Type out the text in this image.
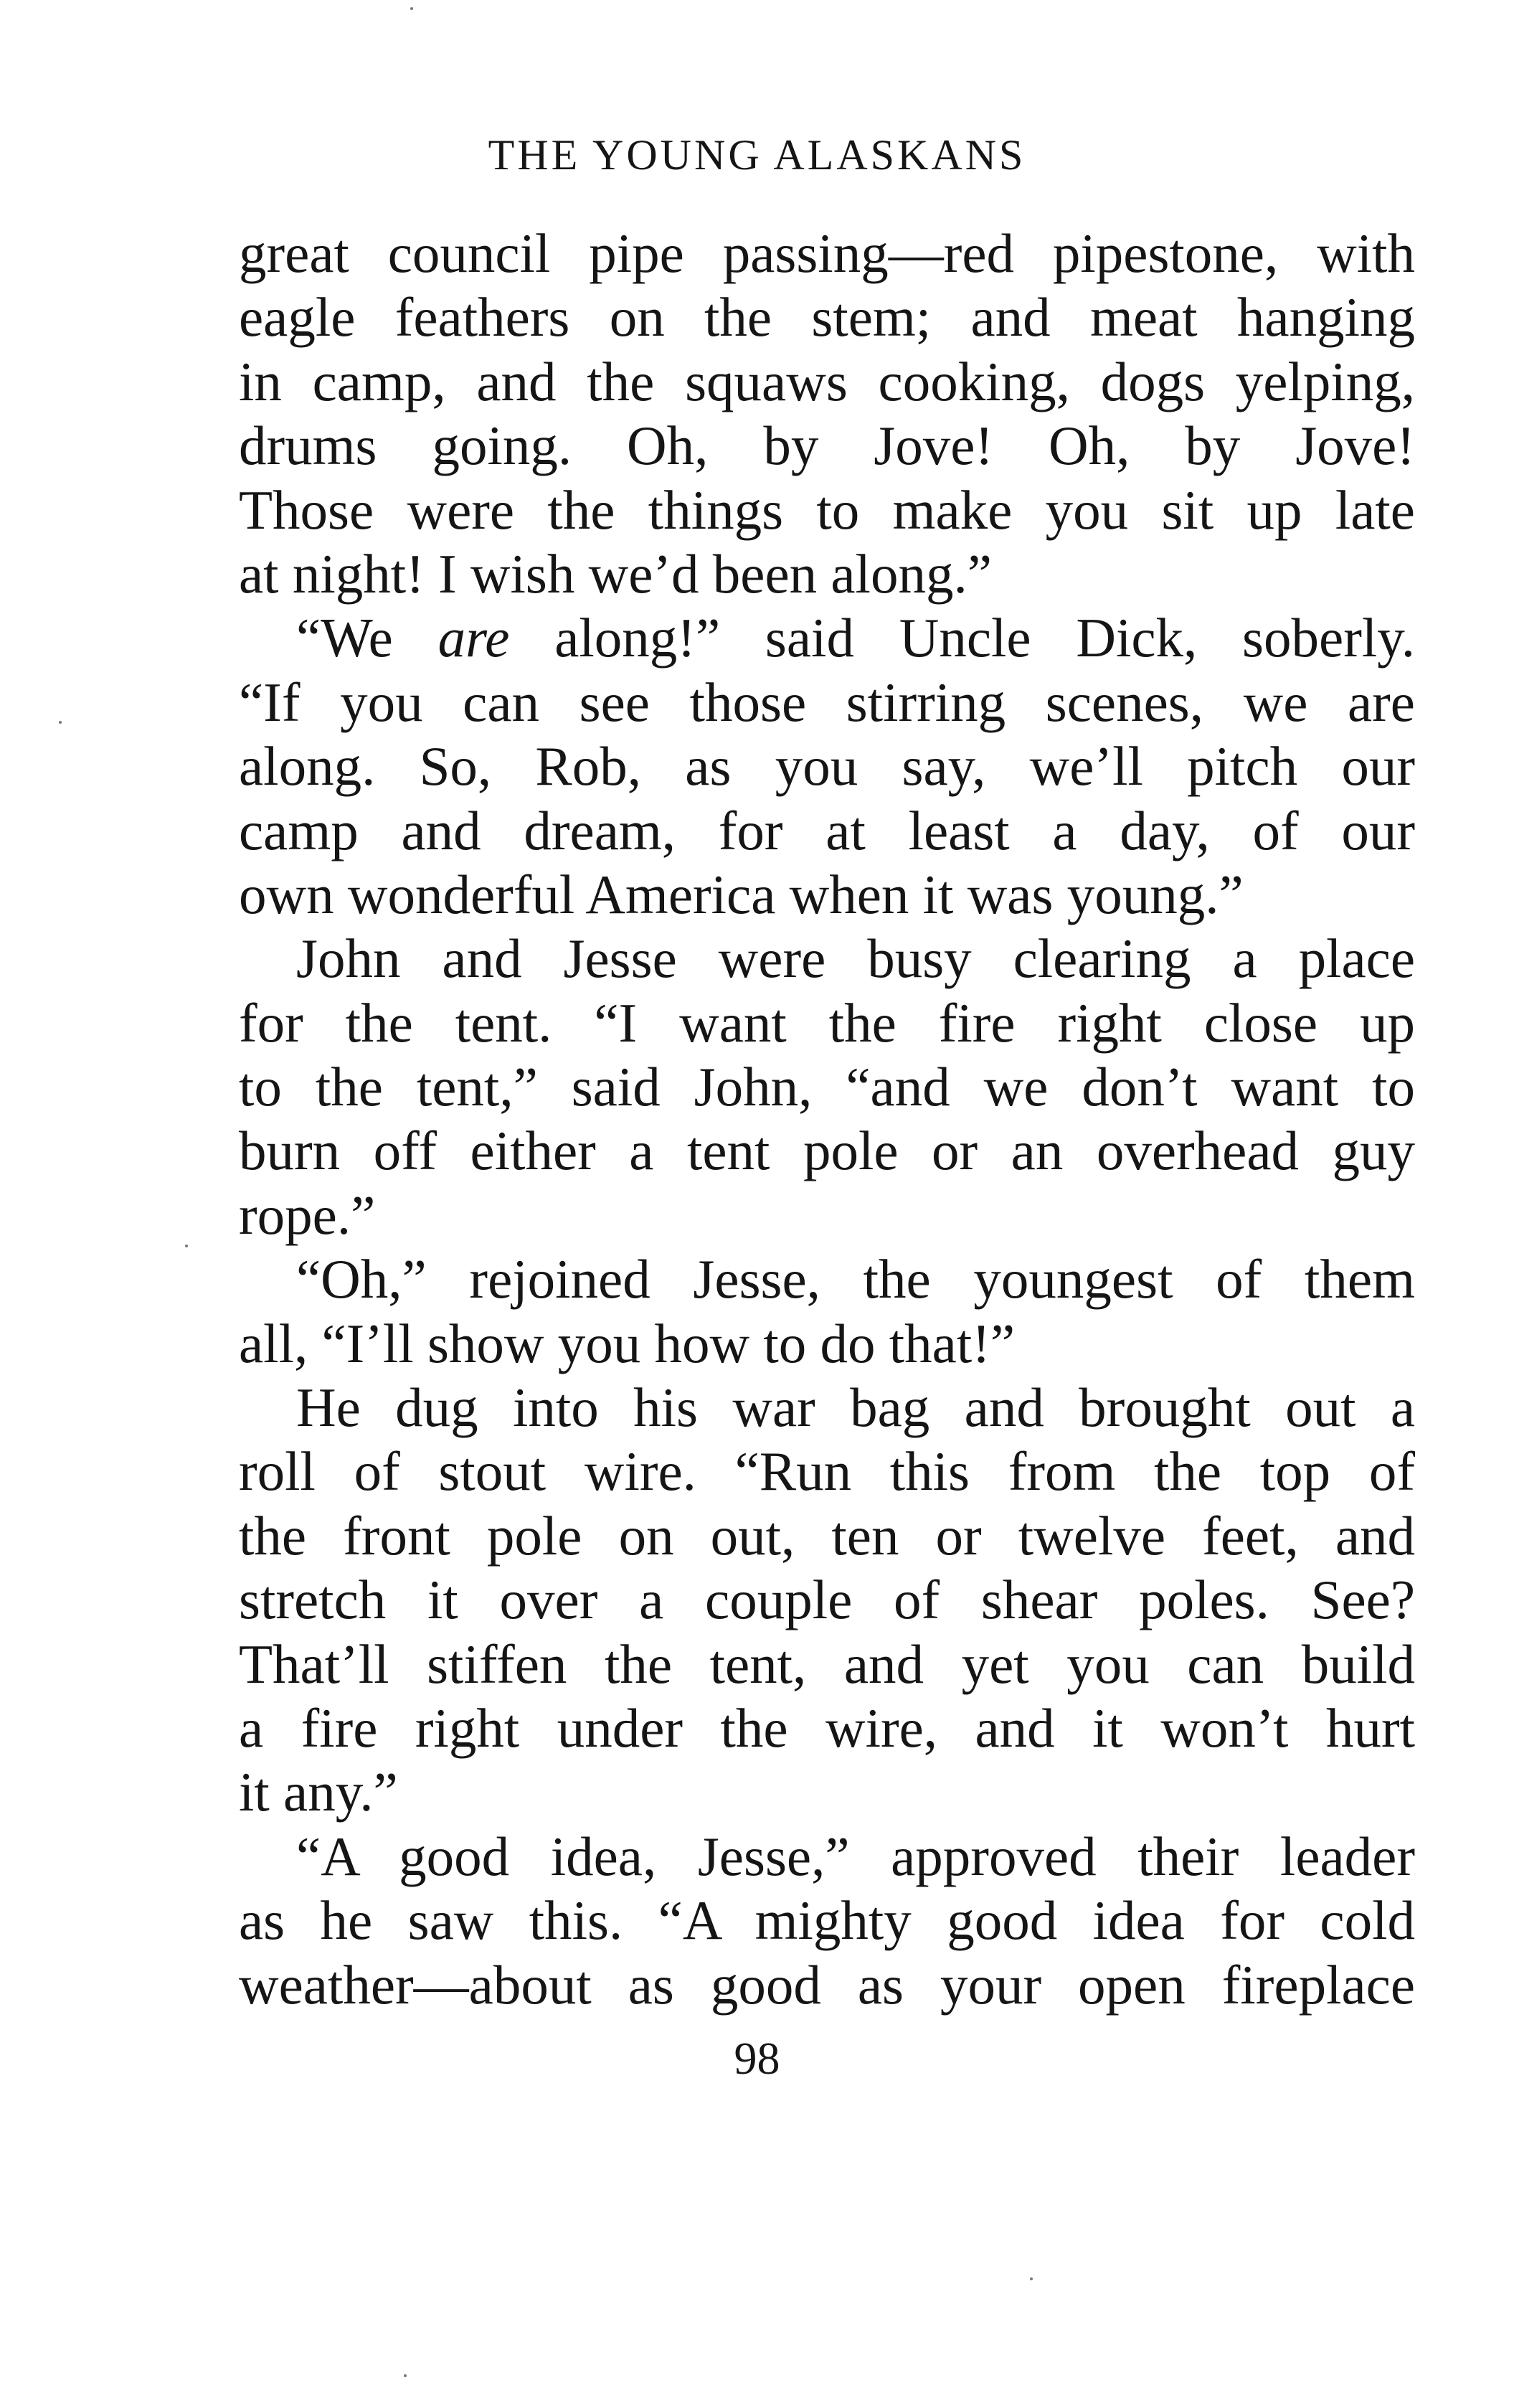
THE YOUNG ALASKANS
great council pipe passing—red pipestone, with
eagle feathers on the stem; and meat hanging
in camp, and the squaws cooking, dogs yelping,
drums going. Oh, by Jove! Oh, by Jove!
Those were the things to make you sit up late
at night! I wish we’d been along.”
“We are along!” said Uncle Dick, soberly.
“If you can see those stirring scenes, we are
along. So, Rob, as you say, we’ll pitch our
camp and dream, for at least a day, of our
own wonderful America when it was young.”
John and Jesse were busy clearing a place
for the tent. “I want the fire right close up
to the tent,” said John, “and we don’t want to
burn off either a tent pole or an overhead guy
rope.”
“Oh,” rejoined Jesse, the youngest of them
all, “I’ll show you how to do that!”
He dug into his war bag and brought out a
roll of stout wire. “Run this from the top of
the front pole on out, ten or twelve feet, and
stretch it over a couple of shear poles. See?
That’ll stiffen the tent, and yet you can build
a fire right under the wire, and it won’t hurt
it any.”
“A good idea, Jesse,” approved their leader
as he saw this. “A mighty good idea for cold
weather—about as good as your open fireplace
98
